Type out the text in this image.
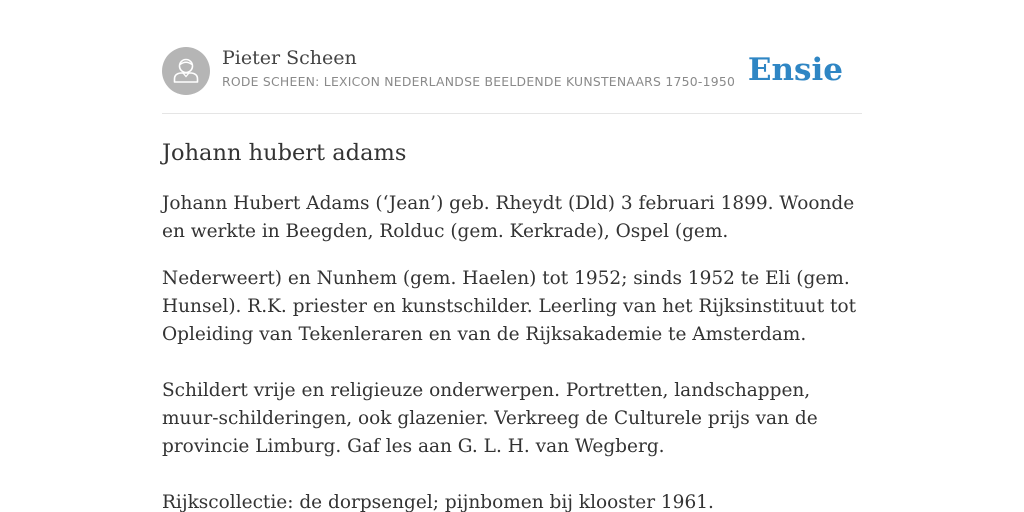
Pieter Scheen
RODE SCHEEN: LEXICON NEDERLANDSE BEELDENDE KUNSTENAARS 1750-1950 Ensie
Johann hubert adams

Johann Hubert Adams (‘Jean’) geb. Rheydt (Dld) 3 februari 1899. Woonde en werkte in Beegden, Rolduc (gem. Kerkrade), Ospel (gem.

Nederweert) en Nunhem (gem. Haelen) tot 1952; sinds 1952 te Eli (gem. Hunsel). R.K. priester en kunstschilder. Leerling van het Rijksinstituut tot Opleiding van Tekenleraren en van de Rijksakademie te Amsterdam.

Schildert vrije en religieuze onderwerpen. Portretten, landschappen, muur-schilderingen, ook glazenier. Verkreeg de Culturele prijs van de provincie Limburg. Gaf les aan G. L. H. van Wegberg.

Rijkscollectie: de dorpsengel; pijnbomen bij klooster 1961.
